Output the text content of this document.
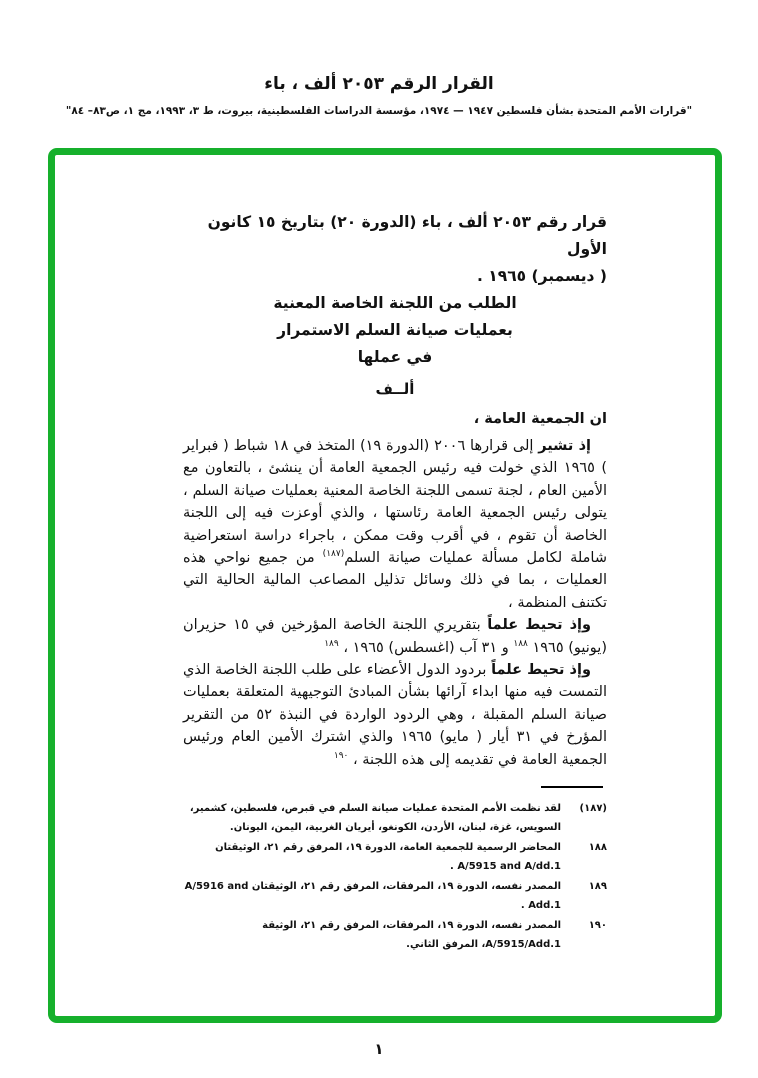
القرار الرقم ٢٠٥٣ ألف ، باء
"قرارات الأمم المتحدة بشأن فلسطين ١٩٤٧ — ١٩٧٤، مؤسسة الدراسات الفلسطينية، بيروت، ط ٣، ١٩٩٣، مج ١، ص٨٣– ٨٤"
قرار رقم ٢٠٥٣ ألف ، باء (الدورة ٢٠) بتاريخ ١٥ كانون الأول
( ديسمبر) ١٩٦٥ .
الطلب من اللجنة الخاصة المعنية
بعمليات صيانة السلم الاستمرار
في عملها
ألــف

ان الجمعية العامة ،

إذ تشير إلى قرارها ٢٠٠٦ (الدورة ١٩) المتخذ في ١٨ شباط ( فبراير ) ١٩٦٥ الذي خولت فيه رئيس الجمعية العامة أن ينشئ ، بالتعاون مع الأمين العام ، لجنة تسمى اللجنة الخاصة المعنية بعمليات صيانة السلم ، يتولى رئيس الجمعية العامة رئاستها ، والذي أوعزت فيه إلى اللجنة الخاصة أن تقوم ، في أقرب وقت ممكن ، باجراء دراسة استعراضية شاملة لكامل مسألة عمليات صيانة السلم$^{(١٨٧)}$ من جميع نواحي هذه العمليات ، بما في ذلك وسائل تذليل المصاعب المالية الحالية التي تكتنف المنظمة ،

وإذ تحيط علماً بتقريري اللجنة الخاصة المؤرخين في ١٥ حزيران (يونيو) ١٩٦٥ $^{١٨٨}$ و ٣١ آب (اغسطس) ١٩٦٥ ، $^{١٨٩}$

وإذ تحيط علماً بردود الدول الأعضاء على طلب اللجنة الخاصة الذي التمست فيه منها ابداء آرائها بشأن المبادئ التوجيهية المتعلقة بعمليات صيانة السلم المقبلة ، وهي الردود الواردة في النبذة ٥٢ من التقرير المؤرخ في ٣١ أيار ( مايو) ١٩٦٥ والذي اشترك الأمين العام ورئيس الجمعية العامة في تقديمه إلى هذه اللجنة ، $^{١٩٠}$

(١٨٧)
لقد نظمت الأمم المتحدة عمليات صيانة السلم في قبرص، فلسطين، كشمير، السويس، غزة، لبنان، الأردن، الكونغو، أيريان الغربية، اليمن، اليونان.
١٨٨
المحاضر الرسمية للجمعية العامة، الدورة ١٩، المرفق رقم ٢١، الوثيقتان A/5915 and A/dd.1 .
١٨٩
المصدر نفسه، الدورة ١٩، المرفقات، المرفق رقم ٢١، الوثيقتان A/5916 and Add.1 .
١٩٠
المصدر نفسه، الدورة ١٩، المرفقات، المرفق رقم ٢١، الوثيقة A/5915/Add.1، المرفق الثاني.
١
